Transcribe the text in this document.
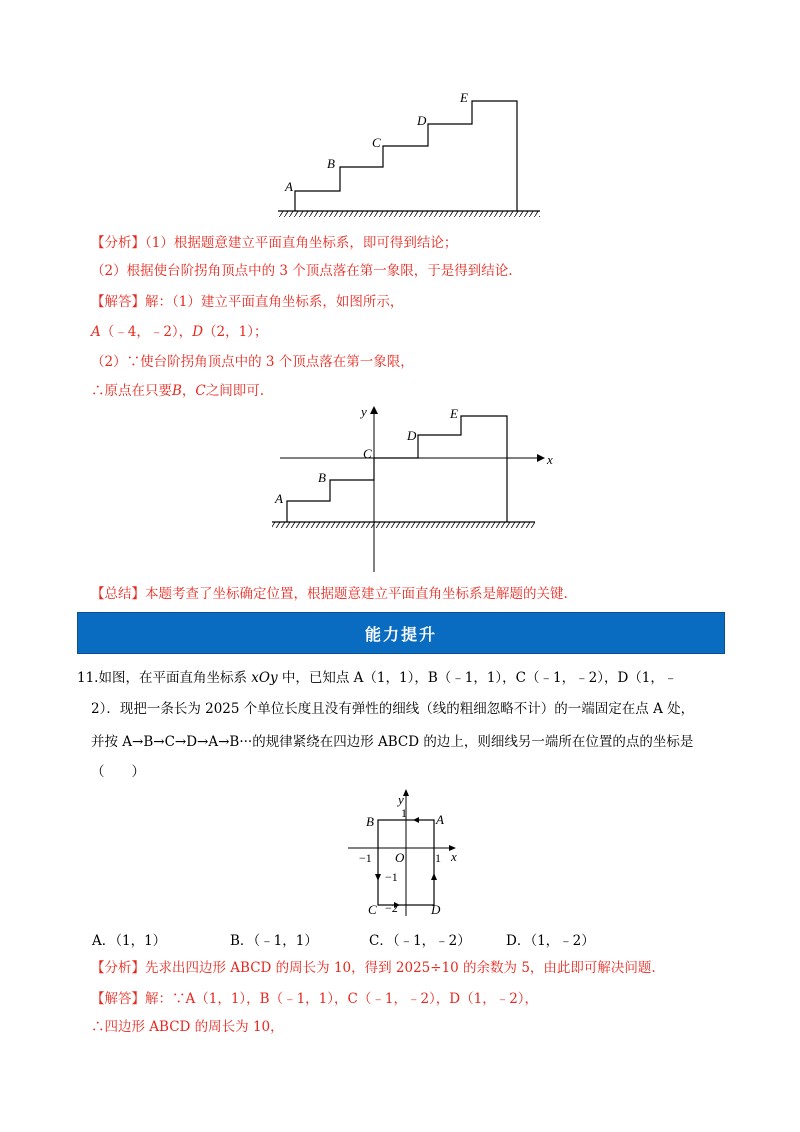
A
B
C
D
E
【分析】（1）根据题意建立平面直角坐标系，即可得到结论；
（2）根据使台阶拐角顶点中的 3 个顶点落在第一象限，于是得到结论.
【解答】解：（1）建立平面直角坐标系，如图所示，
A（﹣4，﹣2），D（2，1）；
（2）∵使台阶拐角顶点中的 3 个顶点落在第一象限，
∴原点在只要B，C之间即可.
x
y
A
B
C
D
E
【总结】本题考查了坐标确定位置，根据题意建立平面直角坐标系是解题的关键.
能力提升
11.如图，在平面直角坐标系 xOy 中，已知点 A（1，1），B（﹣1，1），C（﹣1，﹣2），D（1，﹣
2）．现把一条长为 2025 个单位长度且没有弹性的细线（线的粗细忽略不计）的一端固定在点 A 处，
并按 A→B→C→D→A→B···的规律紧绕在四边形 ABCD 的边上，则细线另一端所在位置的点的坐标是
（　　）
y
x
B	A
C	D
O
1
1
−1
−1
−2
A．（1，1）	B．（﹣1，1）	C．（﹣1，﹣2）	D．（1，﹣2）
【分析】先求出四边形 ABCD 的周长为 10，得到 2025÷10 的余数为 5，由此即可解决问题.
【解答】解：∵A（1，1），B（﹣1，1），C（﹣1，﹣2），D（1，﹣2），
∴四边形 ABCD 的周长为 10，
